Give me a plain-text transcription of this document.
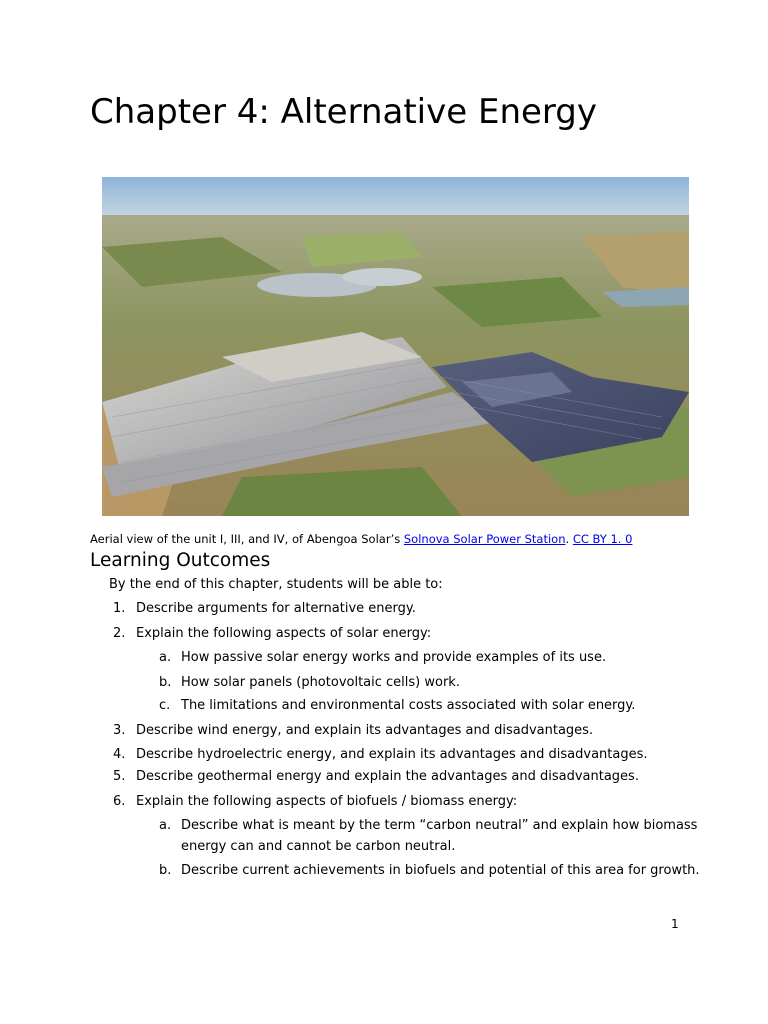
Chapter 4: Alternative Energy
Aerial view of the unit I, III, and IV, of Abengoa Solar’s Solnova Solar Power Station. CC BY 1. 0
Learning Outcomes
By the end of this chapter, students will be able to:
1. Describe arguments for alternative energy.
2. Explain the following aspects of solar energy:
a. How passive solar energy works and provide examples of its use.
b. How solar panels (photovoltaic cells) work.
c. The limitations and environmental costs associated with solar energy.
3. Describe wind energy, and explain its advantages and disadvantages.
4. Describe hydroelectric energy, and explain its advantages and disadvantages.
5. Describe geothermal energy and explain the advantages and disadvantages.
6. Explain the following aspects of biofuels / biomass energy:
a. Describe what is meant by the term “carbon neutral” and explain how biomass
energy can and cannot be carbon neutral.
b. Describe current achievements in biofuels and potential of this area for growth.
1
